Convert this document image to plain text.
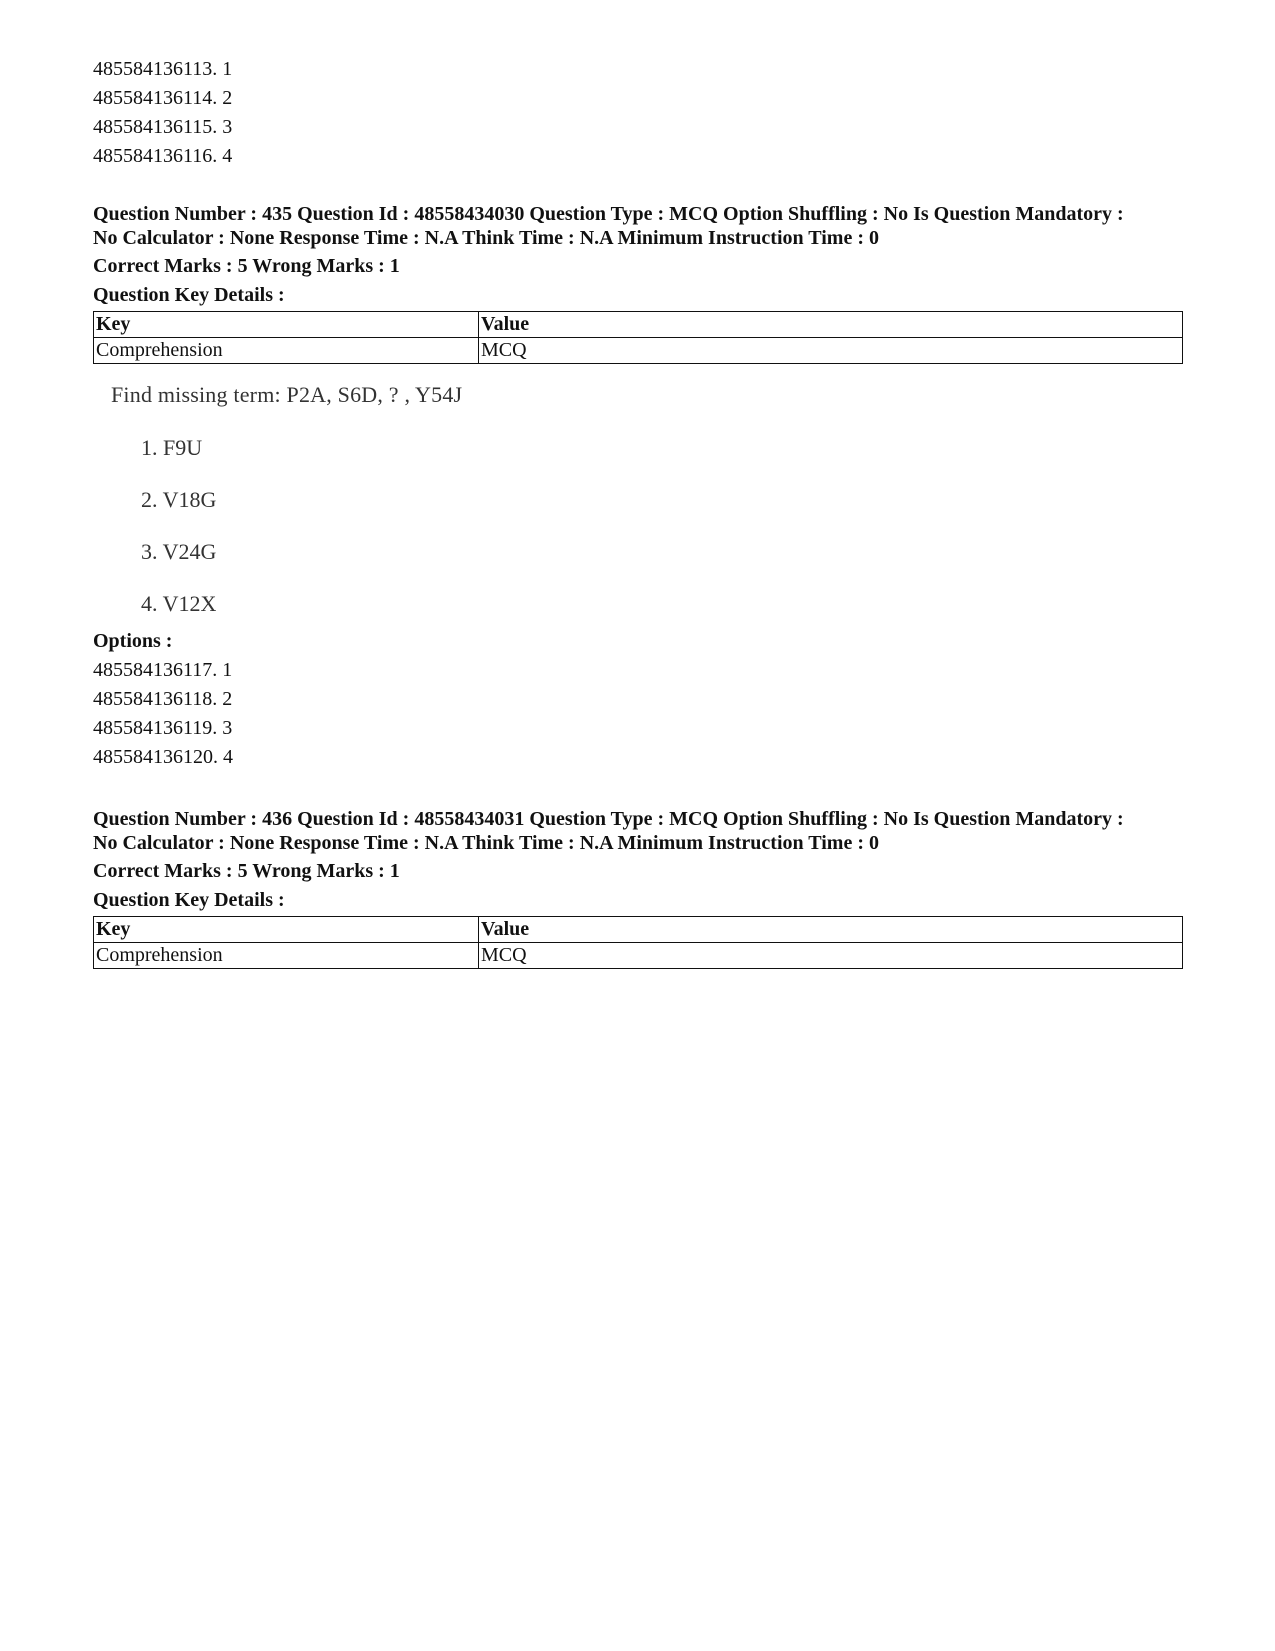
485584136113. 1
485584136114. 2
485584136115. 3
485584136116. 4
Question Number : 435 Question Id : 48558434030 Question Type : MCQ Option Shuffling : No Is Question Mandatory :
No Calculator : None Response Time : N.A Think Time : N.A Minimum Instruction Time : 0
Correct Marks : 5 Wrong Marks : 1
Question Key Details :
Key	Value
Comprehension	MCQ
Find missing term: P2A, S6D, ? , Y54J
1. F9U
2. V18G
3. V24G
4. V12X
Options :
485584136117. 1
485584136118. 2
485584136119. 3
485584136120. 4
Question Number : 436 Question Id : 48558434031 Question Type : MCQ Option Shuffling : No Is Question Mandatory :
No Calculator : None Response Time : N.A Think Time : N.A Minimum Instruction Time : 0
Correct Marks : 5 Wrong Marks : 1
Question Key Details :
Key	Value
Comprehension	MCQ
